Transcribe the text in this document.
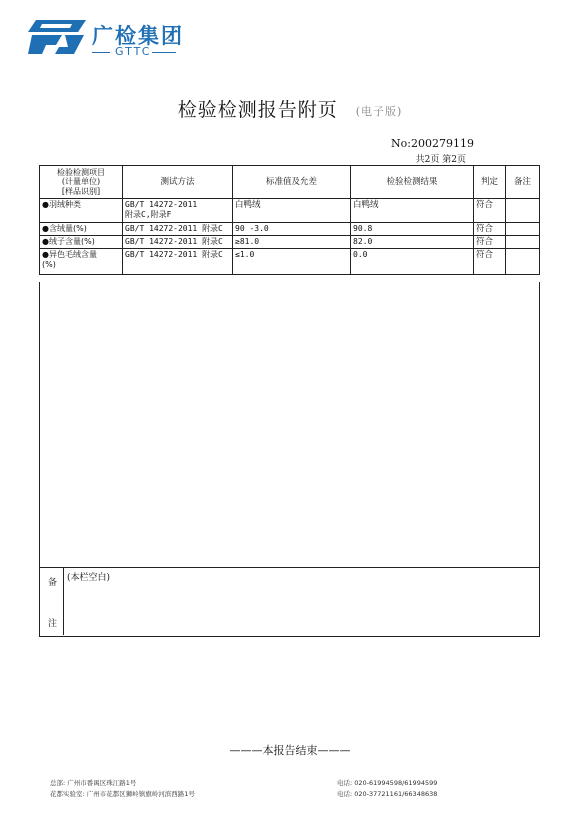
广检集团
GTTC
检验检测报告附页 (电子版)
No:200279119
共2页 第2页
检验检测项目
(计量单位)
[样品识别]	测试方法	标准值及允差	检验检测结果	判定	备注
●羽绒种类	GB/T 14272-2011
附录C,附录F	白鸭绒	白鸭绒	符合	
●含绒量(%)	GB/T 14272-2011 附录C	90 -3.0	90.8	符合	
●绒子含量(%)	GB/T 14272-2011 附录C	≥81.0	82.0	符合	
●异色毛绒含量
(%)	GB/T 14272-2011 附录C	≤1.0	0.0	符合	
备
注
(本栏空白)
———本报告结束———
总部: 广州市番禺区珠江路1号
花都实验室: 广州市花都区狮岭镇旗岭河滨西路1号
电话: 020-61994598/61994599
电话: 020-37721161/66348638
